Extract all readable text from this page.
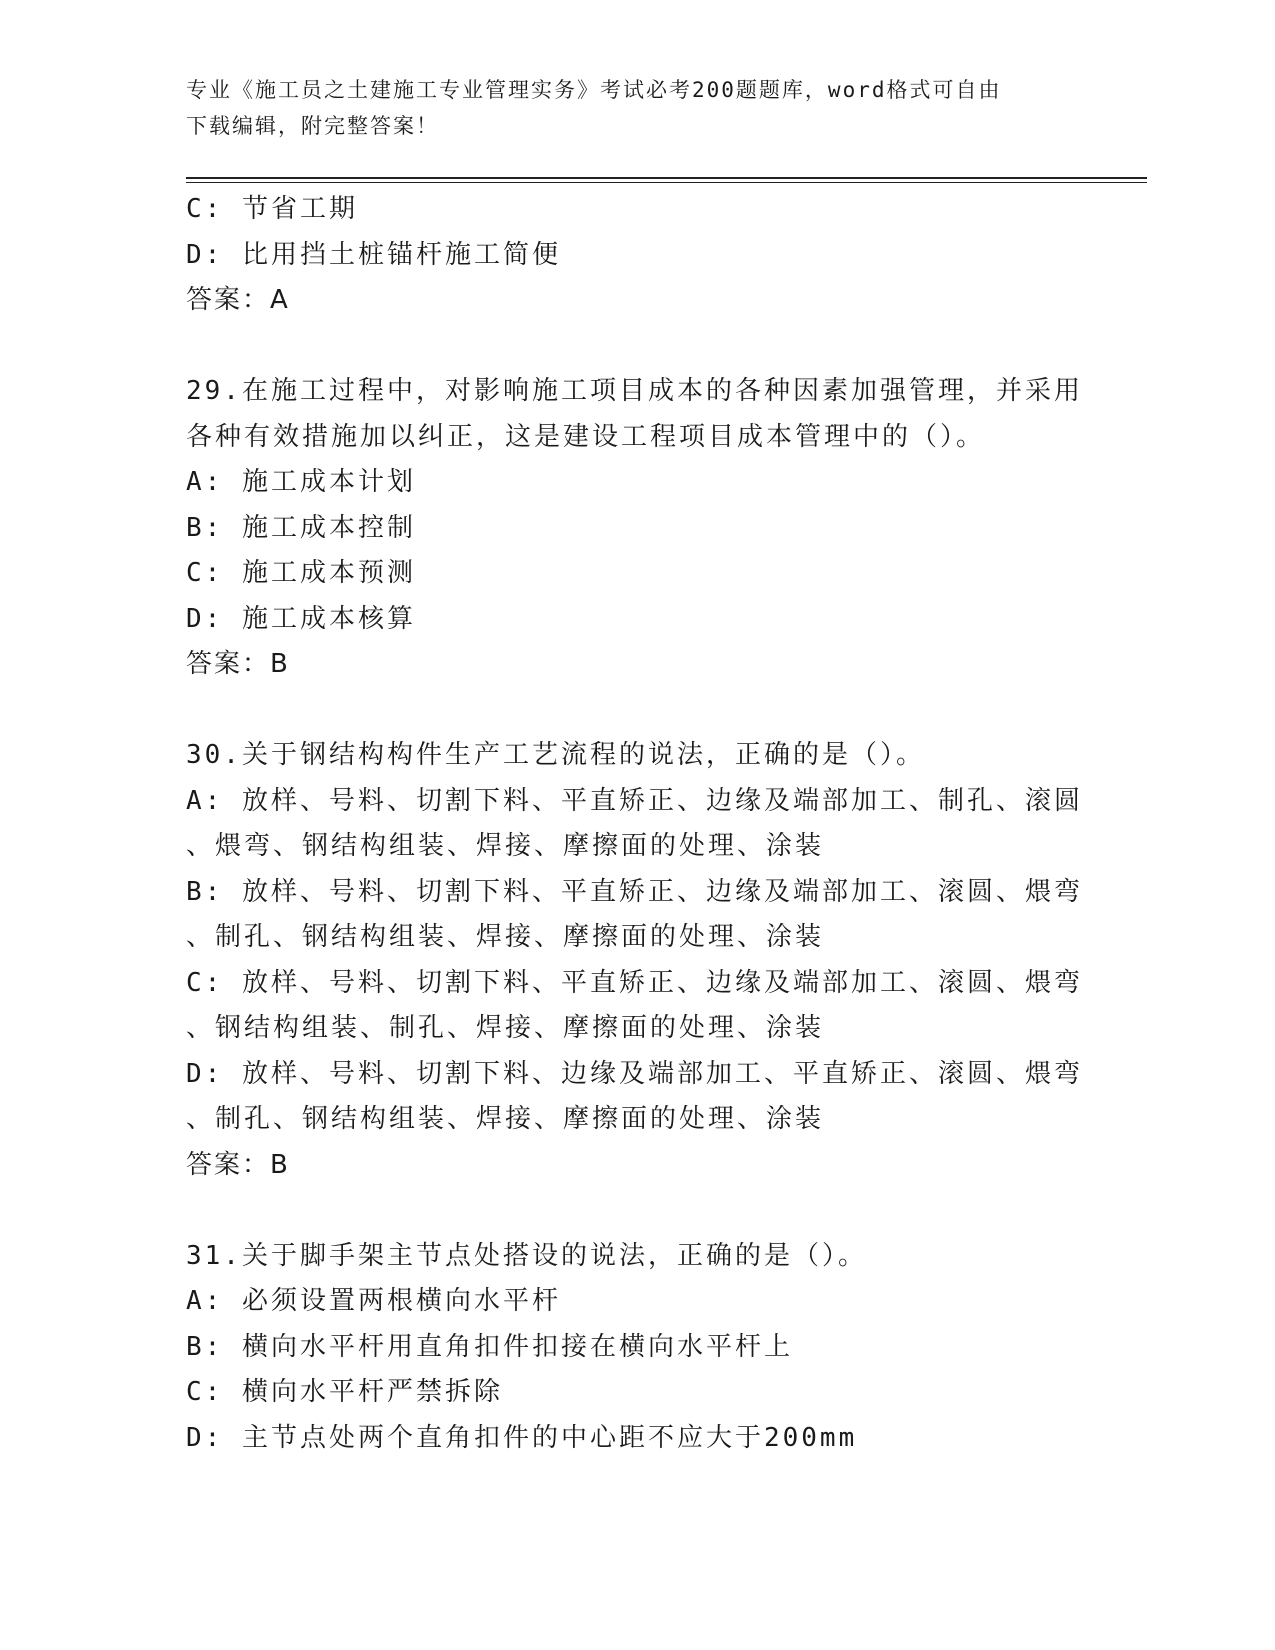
专业《施工员之土建施工专业管理实务》考试必考200题题库，word格式可自由
下载编辑，附完整答案！
C: 节省工期
D: 比用挡土桩锚杆施工简便
答案：A
29.在施工过程中，对影响施工项目成本的各种因素加强管理，并采用
各种有效措施加以纠正，这是建设工程项目成本管理中的（）。
A: 施工成本计划
B: 施工成本控制
C: 施工成本预测
D: 施工成本核算
答案：B
30.关于钢结构构件生产工艺流程的说法，正确的是（）。
A: 放样、号料、切割下料、平直矫正、边缘及端部加工、制孔、滚圆
、煨弯、钢结构组装、焊接、摩擦面的处理、涂装
B: 放样、号料、切割下料、平直矫正、边缘及端部加工、滚圆、煨弯
、制孔、钢结构组装、焊接、摩擦面的处理、涂装
C: 放样、号料、切割下料、平直矫正、边缘及端部加工、滚圆、煨弯
、钢结构组装、制孔、焊接、摩擦面的处理、涂装
D: 放样、号料、切割下料、边缘及端部加工、平直矫正、滚圆、煨弯
、制孔、钢结构组装、焊接、摩擦面的处理、涂装
答案：B
31.关于脚手架主节点处搭设的说法，正确的是（）。
A: 必须设置两根横向水平杆
B: 横向水平杆用直角扣件扣接在横向水平杆上
C: 横向水平杆严禁拆除
D: 主节点处两个直角扣件的中心距不应大于200mm
